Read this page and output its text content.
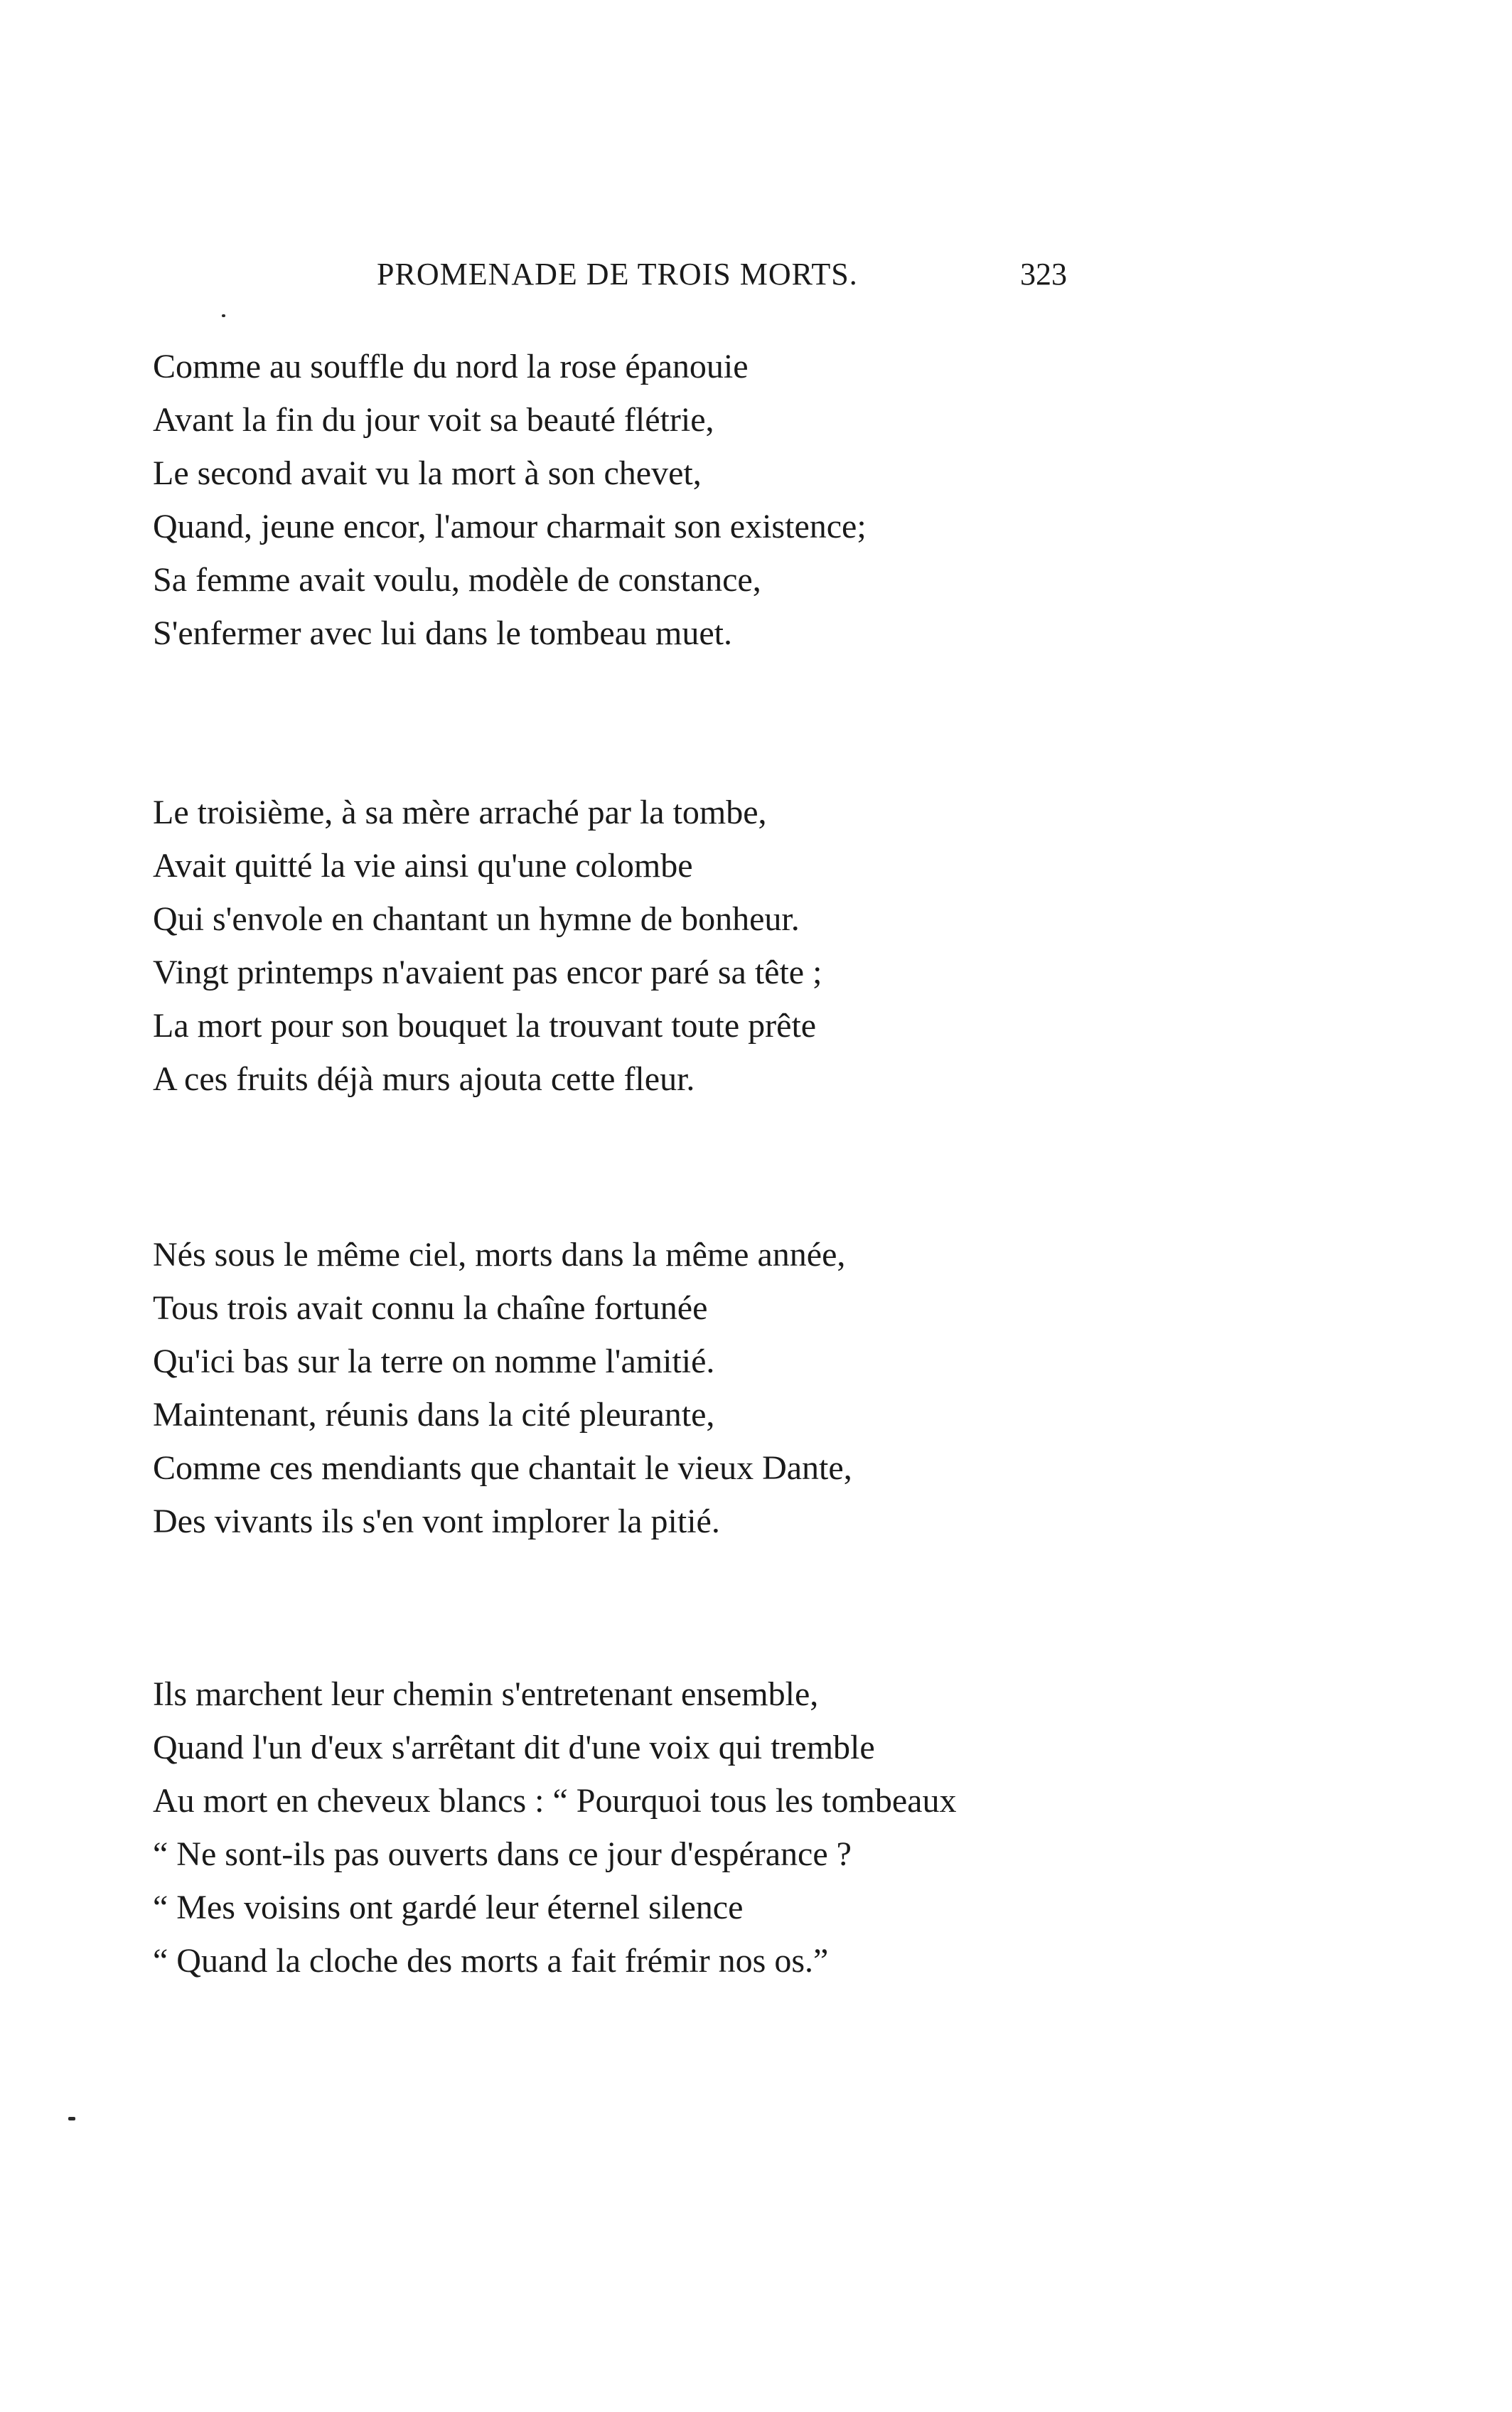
PROMENADE DE TROIS MORTS.	323
Comme au souffle du nord la rose épanouie
Avant la fin du jour voit sa beauté flétrie,
Le second avait vu la mort à son chevet,
Quand, jeune encor, l'amour charmait son existence;
Sa femme avait voulu, modèle de constance,
S'enfermer avec lui dans le tombeau muet.
Le troisième, à sa mère arraché par la tombe,
Avait quitté la vie ainsi qu'une colombe
Qui s'envole en chantant un hymne de bonheur.
Vingt printemps n'avaient pas encor paré sa tête ;
La mort pour son bouquet la trouvant toute prête
A ces fruits déjà murs ajouta cette fleur.
Nés sous le même ciel, morts dans la même année,
Tous trois avait connu la chaîne fortunée
Qu'ici bas sur la terre on nomme l'amitié.
Maintenant, réunis dans la cité pleurante,
Comme ces mendiants que chantait le vieux Dante,
Des vivants ils s'en vont implorer la pitié.
Ils marchent leur chemin s'entretenant ensemble,
Quand l'un d'eux s'arrêtant dit d'une voix qui tremble
Au mort en cheveux blancs : “ Pourquoi tous les tombeaux
“ Ne sont-ils pas ouverts dans ce jour d'espérance ?
“ Mes voisins ont gardé leur éternel silence
“ Quand la cloche des morts a fait frémir nos os.”
